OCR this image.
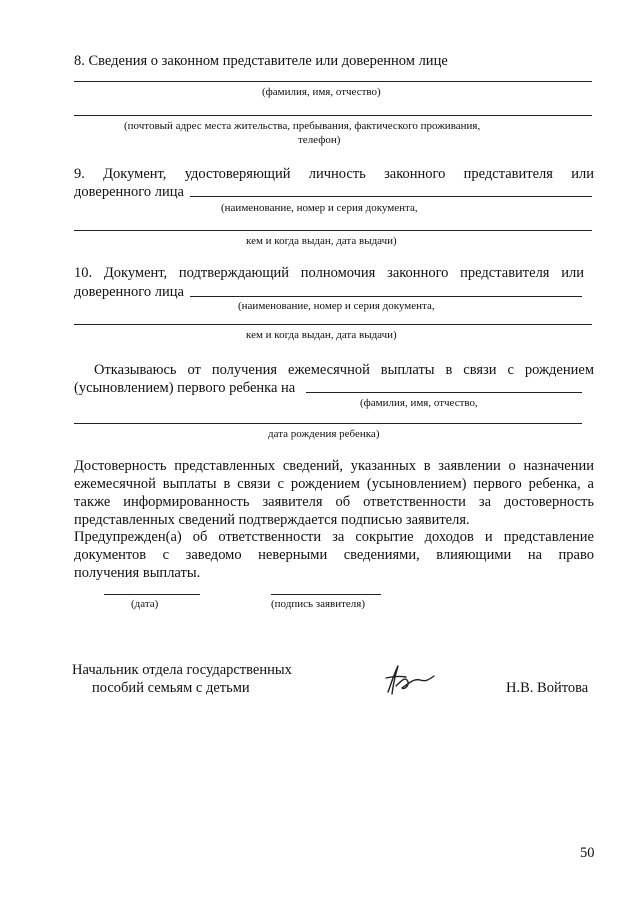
8. Сведения о законном представителе или доверенном лице
(фамилия, имя, отчество)
(почтовый адрес места жительства, пребывания, фактического проживания,
телефон)
9. Документ, удостоверяющий личность законного представителя или
доверенного лица
(наименование, номер и серия документа,
кем и когда выдан, дата выдачи)
10. Документ, подтверждающий полномочия законного представителя или
доверенного лица
(наименование, номер и серия документа,
кем и когда выдан, дата выдачи)
Отказываюсь от получения ежемесячной выплаты в связи с рождением
(усыновлением) первого ребенка на
(фамилия, имя, отчество,
дата рождения ребенка)
Достоверность представленных сведений, указанных в заявлении о назначении
ежемесячной выплаты в связи с рождением (усыновлением) первого ребенка, а
также информированность заявителя об ответственности за достоверность
представленных сведений подтверждается подписью заявителя.
Предупрежден(а) об ответственности за сокрытие доходов и представление
документов с заведомо неверными сведениями, влияющими на право
получения выплаты.
(дата)	(подпись заявителя)
Начальник отдела государственных
пособий семьям с детьми	Н.В. Войтова
50
